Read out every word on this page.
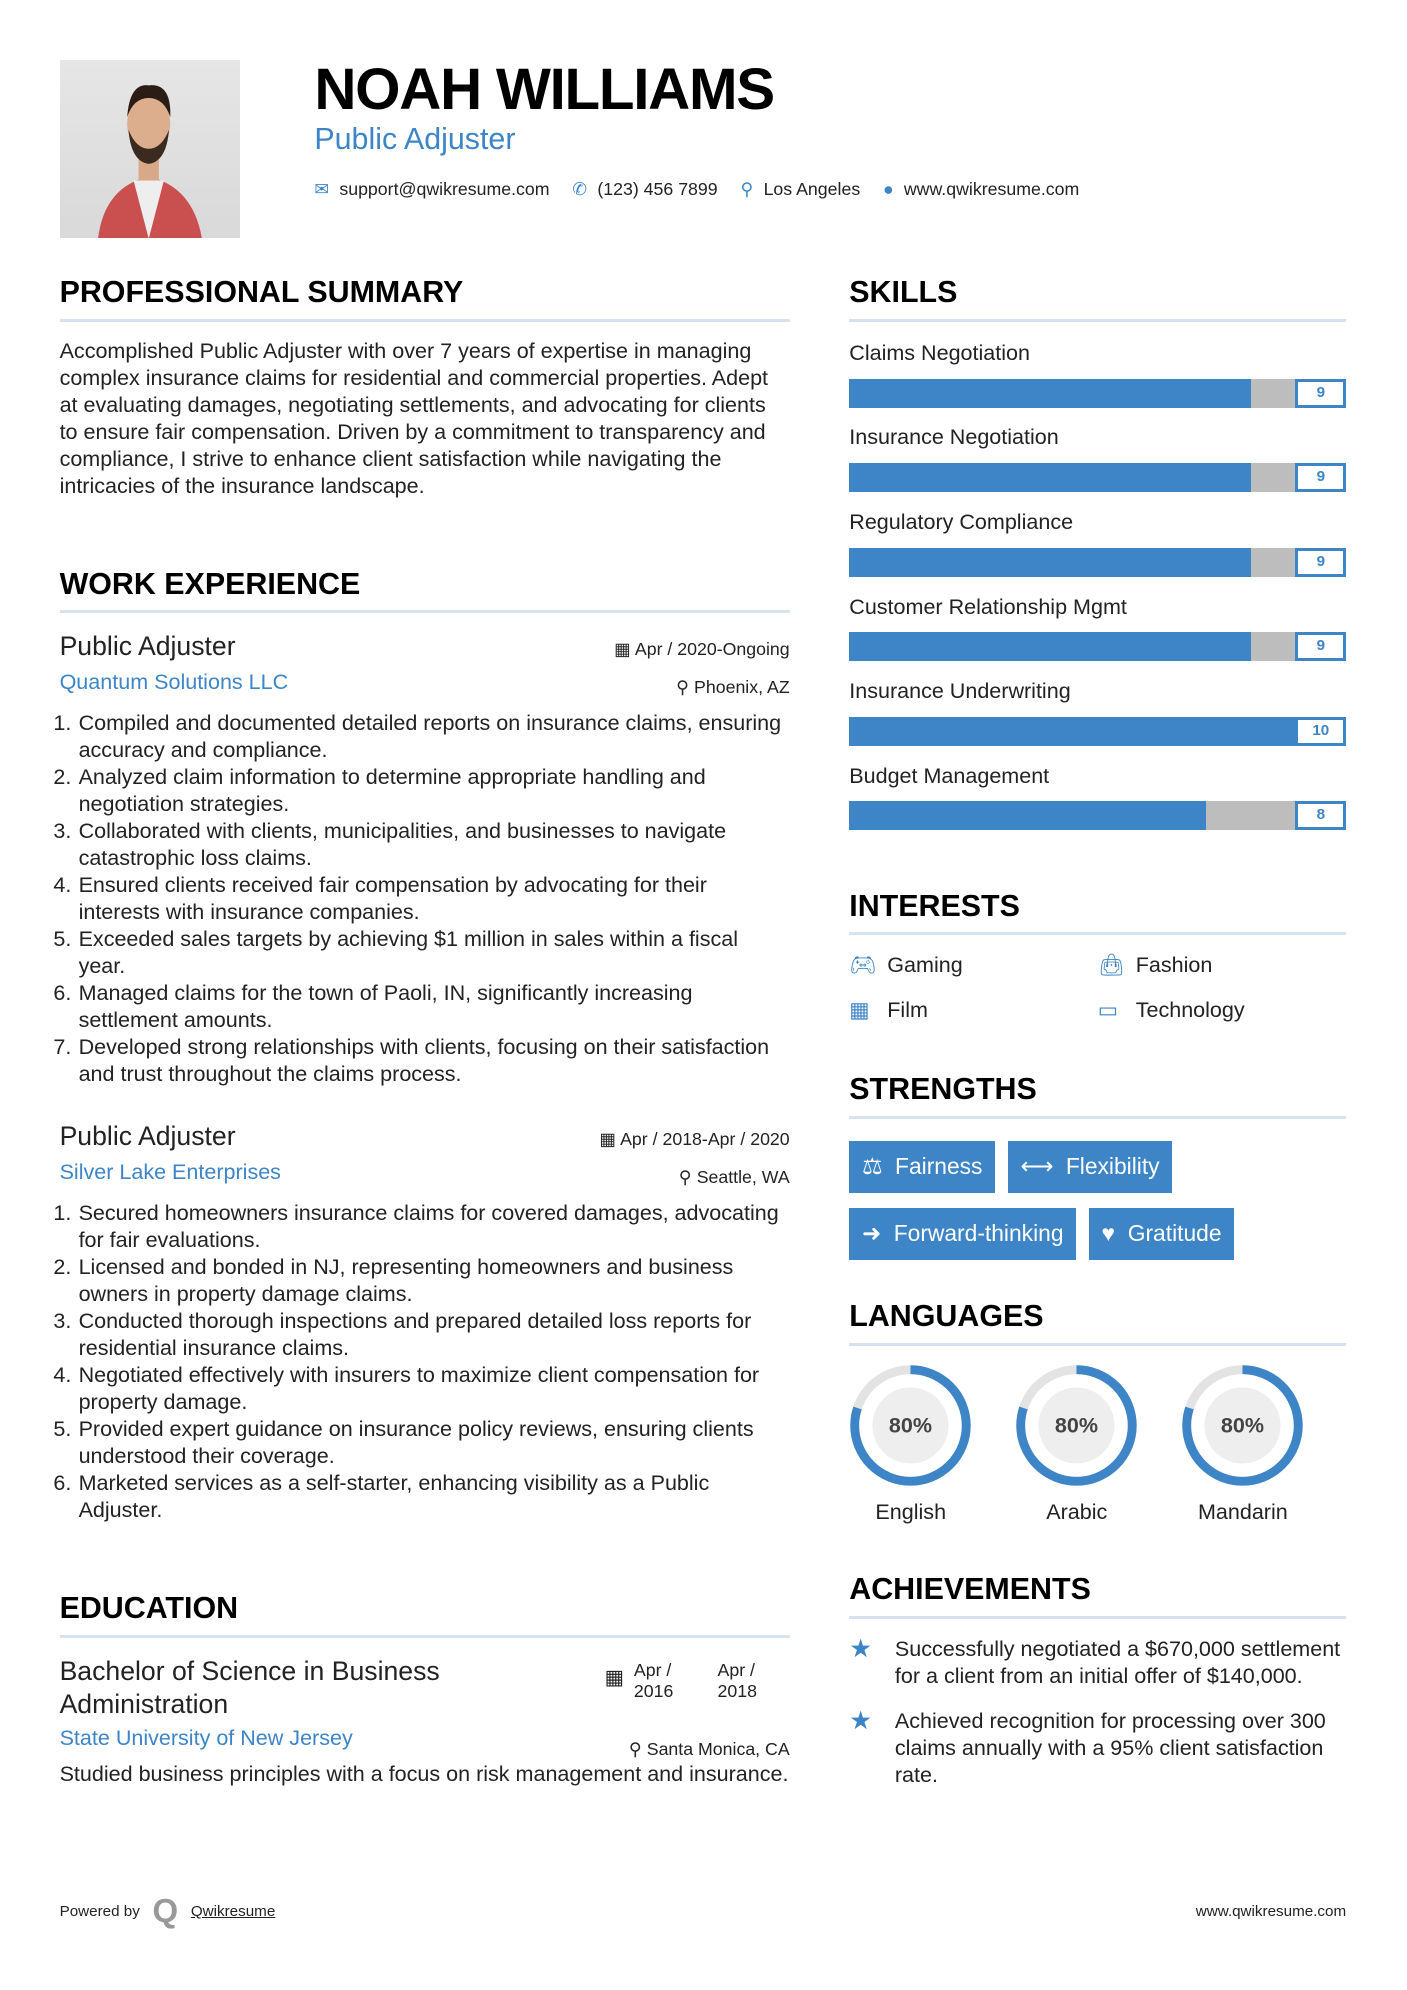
NOAH WILLIAMS
Public Adjuster
✉ support@qwikresume.com ✆ (123) 456 7899 ⚲ Los Angeles ● www.qwikresume.com
PROFESSIONAL SUMMARY
Accomplished Public Adjuster with over 7 years of expertise in managing complex insurance claims for residential and commercial properties. Adept at evaluating damages, negotiating settlements, and advocating for clients to ensure fair compensation. Driven by a commitment to transparency and compliance, I strive to enhance client satisfaction while navigating the intricacies of the insurance landscape.
WORK EXPERIENCE
Public Adjuster	▦ Apr / 2020-Ongoing
Quantum Solutions LLC	⚲ Phoenix, AZ
1. Compiled and documented detailed reports on insurance claims, ensuring accuracy and compliance.
2. Analyzed claim information to determine appropriate handling and negotiation strategies.
3. Collaborated with clients, municipalities, and businesses to navigate catastrophic loss claims.
4. Ensured clients received fair compensation by advocating for their interests with insurance companies.
5. Exceeded sales targets by achieving $1 million in sales within a fiscal year.
6. Managed claims for the town of Paoli, IN, significantly increasing settlement amounts.
7. Developed strong relationships with clients, focusing on their satisfaction and trust throughout the claims process.
Public Adjuster	▦ Apr / 2018-Apr / 2020
Silver Lake Enterprises	⚲ Seattle, WA
1. Secured homeowners insurance claims for covered damages, advocating for fair evaluations.
2. Licensed and bonded in NJ, representing homeowners and business owners in property damage claims.
3. Conducted thorough inspections and prepared detailed loss reports for residential insurance claims.
4. Negotiated effectively with insurers to maximize client compensation for property damage.
5. Provided expert guidance on insurance policy reviews, ensuring clients understood their coverage.
6. Marketed services as a self-starter, enhancing visibility as a Public Adjuster.
EDUCATION
Bachelor of Science in Business Administration
▦ Apr / 2016
Apr / 2018
State University of New Jersey	⚲ Santa Monica, CA
Studied business principles with a focus on risk management and insurance.
Powered by Q Qwikresume	www.qwikresume.com
SKILLS
Claims Negotiation
9
Insurance Negotiation
9
Regulatory Compliance
9
Customer Relationship Mgmt
9
Insurance Underwriting
10
Budget Management
8
INTERESTS
🎮︎ Gaming	👜︎ Fashion
▦ Film	▭ Technology
STRENGTHS
⚖ Fairness ⟷ Flexibility
➜ Forward-thinking ♥ Gratitude
LANGUAGES
80%
English
80%
Arabic
80%
Mandarin
ACHIEVEMENTS
★	Successfully negotiated a $670,000 settlement for a client from an initial offer of $140,000.
★	Achieved recognition for processing over 300 claims annually with a 95% client satisfaction rate.
